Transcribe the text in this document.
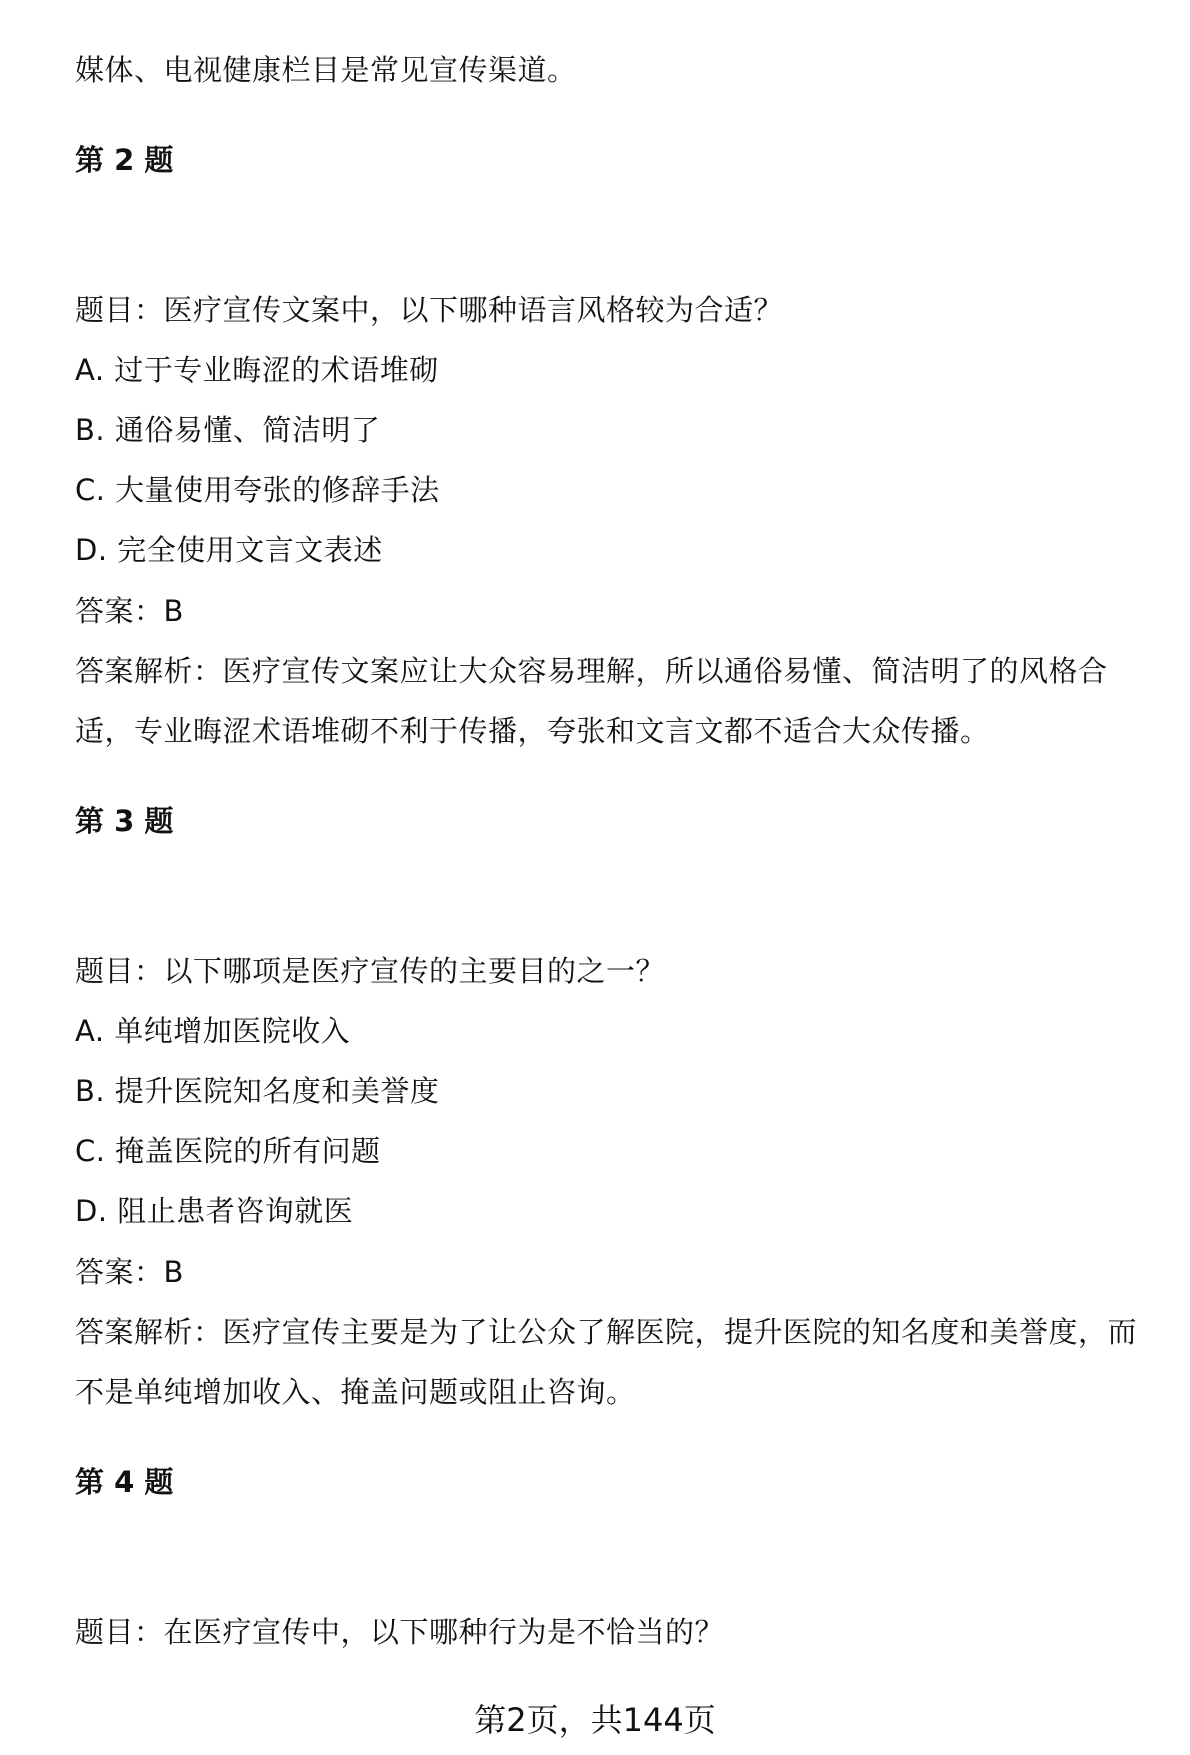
媒体、电视健康栏目是常见宣传渠道。
第 2 题
题目：医疗宣传文案中，以下哪种语言风格较为合适？
A. 过于专业晦涩的术语堆砌
B. 通俗易懂、简洁明了
C. 大量使用夸张的修辞手法
D. 完全使用文言文表述
答案：B
答案解析：医疗宣传文案应让大众容易理解，所以通俗易懂、简洁明了的风格合
适，专业晦涩术语堆砌不利于传播，夸张和文言文都不适合大众传播。
第 3 题
题目：以下哪项是医疗宣传的主要目的之一？
A. 单纯增加医院收入
B. 提升医院知名度和美誉度
C. 掩盖医院的所有问题
D. 阻止患者咨询就医
答案：B
答案解析：医疗宣传主要是为了让公众了解医院，提升医院的知名度和美誉度，而
不是单纯增加收入、掩盖问题或阻止咨询。
第 4 题
题目：在医疗宣传中，以下哪种行为是不恰当的？
第2页，共144页
